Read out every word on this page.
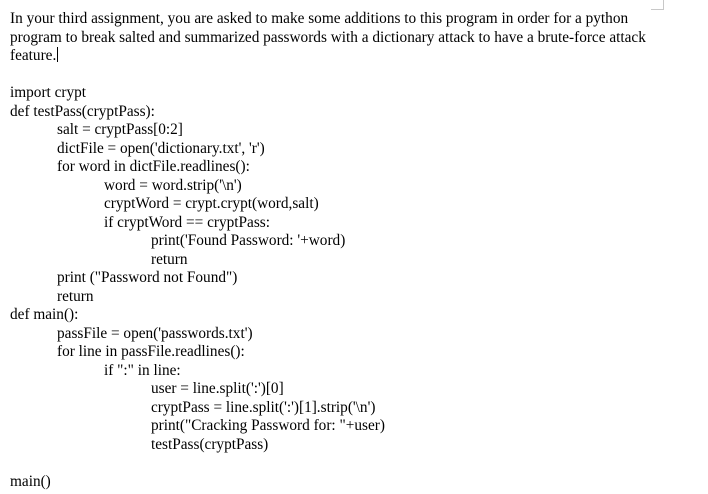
In your third assignment, you are asked to make some additions to this program in order for a python program to break salted and summarized passwords with a dictionary attack to have a brute-force attack feature.

import crypt
def testPass(cryptPass):
salt = cryptPass[0:2]
dictFile = open('dictionary.txt', 'r')
for word in dictFile.readlines():
word = word.strip('\n')
cryptWord = crypt.crypt(word,salt)
if cryptWord == cryptPass:
print('Found Password: '+word)
return
print ("Password not Found")
return
def main():
passFile = open('passwords.txt')
for line in passFile.readlines():
if ":" in line:
user = line.split(':')[0]
cryptPass = line.split(':')[1].strip('\n')
print("Cracking Password for: "+user)
testPass(cryptPass)
main()
